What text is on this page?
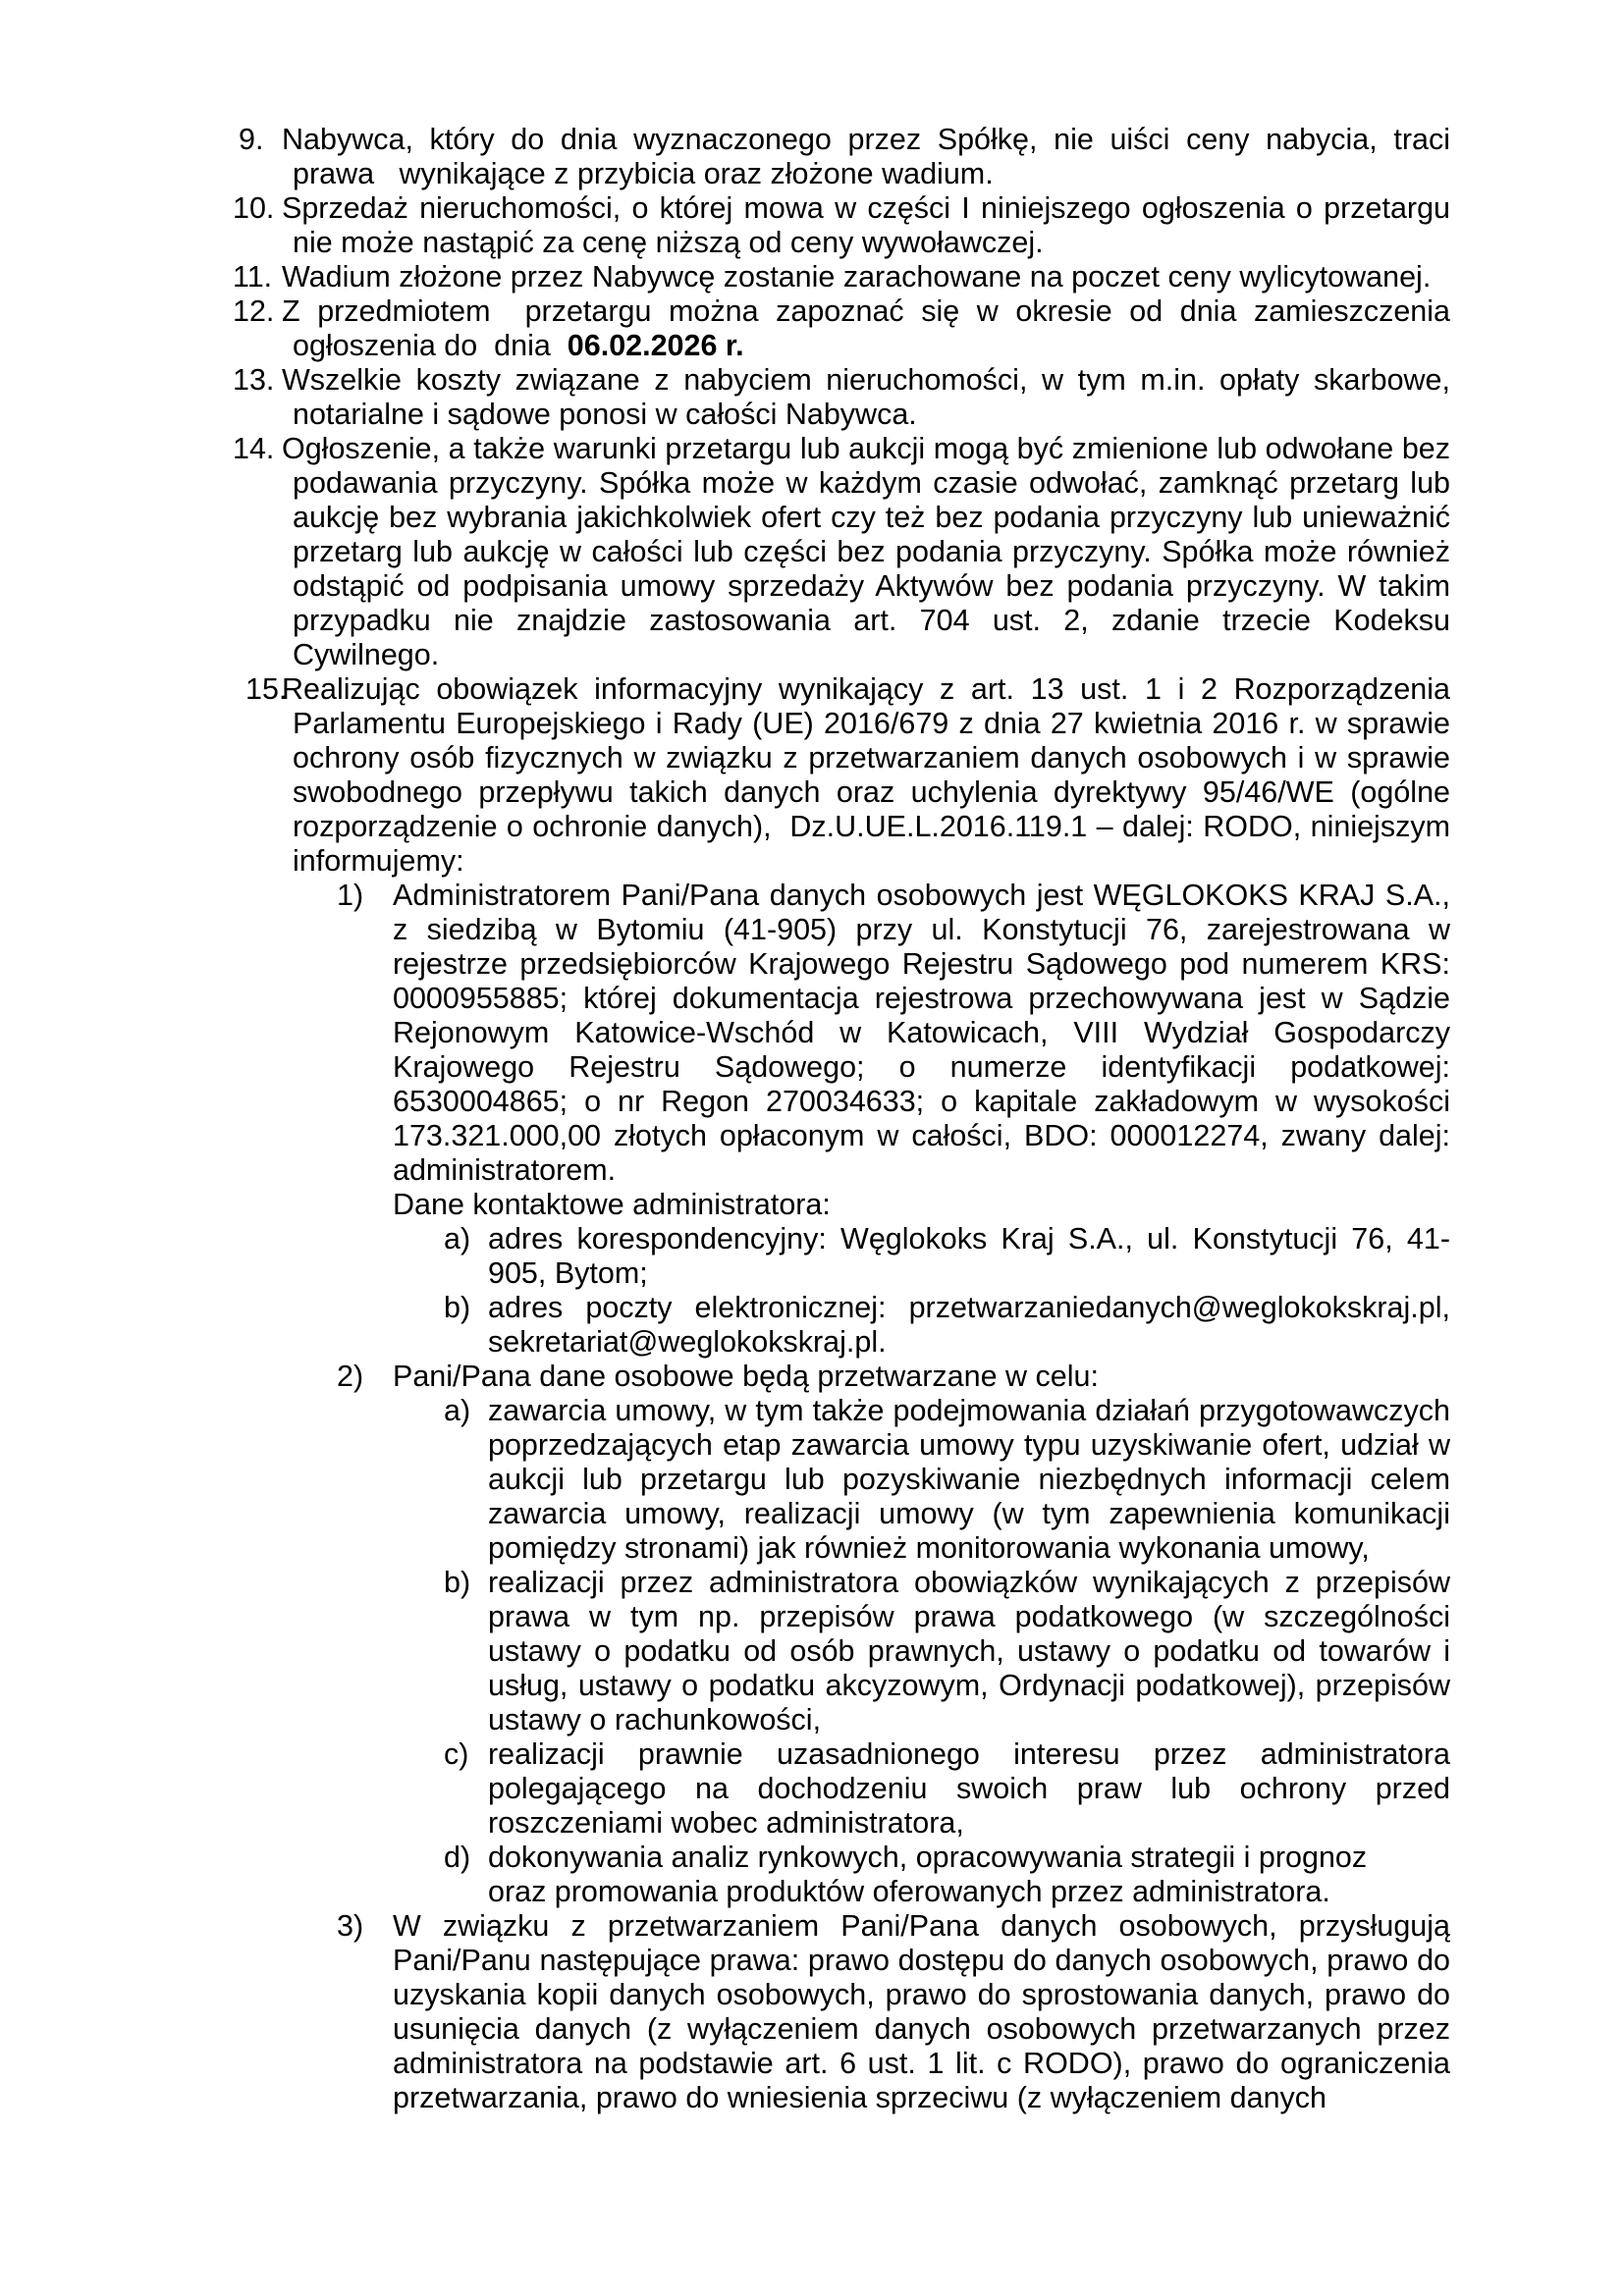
9. Nabywca, który do dnia wyznaczonego przez Spółkę, nie uiści ceny nabycia, traci prawa   wynikające z przybicia oraz złożone wadium.
10. Sprzedaż nieruchomości, o której mowa w części I niniejszego ogłoszenia o przetargu nie może nastąpić za cenę niższą od ceny wywoławczej.
11. Wadium złożone przez Nabywcę zostanie zarachowane na poczet ceny wylicytowanej.
12. Z przedmiotem  przetargu można zapoznać się w okresie od dnia zamieszczenia ogłoszenia do  dnia  06.02.2026 r.
13. Wszelkie koszty związane z nabyciem nieruchomości, w tym m.in. opłaty skarbowe, notarialne i sądowe ponosi w całości Nabywca.
14. Ogłoszenie, a także warunki przetargu lub aukcji mogą być zmienione lub odwołane bez podawania przyczyny. Spółka może w każdym czasie odwołać, zamknąć przetarg lub aukcję bez wybrania jakichkolwiek ofert czy też bez podania przyczyny lub unieważnić przetarg lub aukcję w całości lub części bez podania przyczyny. Spółka może również odstąpić od podpisania umowy sprzedaży Aktywów bez podania przyczyny. W takim przypadku nie znajdzie zastosowania art. 704 ust. 2, zdanie trzecie Kodeksu Cywilnego.
15.
Realizując obowiązek informacyjny wynikający z art. 13 ust. 1 i 2 Rozporządzenia Parlamentu Europejskiego i Rady (UE) 2016/679 z dnia 27 kwietnia 2016 r. w sprawie ochrony osób fizycznych w związku z przetwarzaniem danych osobowych i w sprawie swobodnego przepływu takich danych oraz uchylenia dyrektywy 95/46/WE (ogólne rozporządzenie o ochronie danych),  Dz.U.UE.L.2016.119.1 – dalej: RODO, niniejszym informujemy:
1) Administratorem Pani/Pana danych osobowych jest WĘGLOKOKS KRAJ S.A., z siedzibą w Bytomiu (41-905) przy ul. Konstytucji 76, zarejestrowana w rejestrze przedsiębiorców Krajowego Rejestru Sądowego pod numerem KRS: 0000955885; której dokumentacja rejestrowa przechowywana jest w Sądzie Rejonowym Katowice-Wschód w Katowicach, VIII Wydział Gospodarczy Krajowego Rejestru Sądowego; o numerze identyfikacji podatkowej: 6530004865; o nr Regon 270034633; o kapitale zakładowym w wysokości 173.321.000,00 złotych opłaconym w całości, BDO: 000012274, zwany dalej: administratorem.
Dane kontaktowe administratora:
a) adres korespondencyjny: Węglokoks Kraj S.A., ul. Konstytucji 76, 41-905, Bytom;
b) adres poczty elektronicznej: przetwarzaniedanych@weglokokskraj.pl, sekretariat@weglokokskraj.pl.
2) Pani/Pana dane osobowe będą przetwarzane w celu:
a) zawarcia umowy, w tym także podejmowania działań przygotowawczych poprzedzających etap zawarcia umowy typu uzyskiwanie ofert, udział w aukcji lub przetargu lub pozyskiwanie niezbędnych informacji celem zawarcia umowy, realizacji umowy (w tym zapewnienia komunikacji pomiędzy stronami) jak również monitorowania wykonania umowy,
b) realizacji przez administratora obowiązków wynikających z przepisów prawa w tym np. przepisów prawa podatkowego (w szczególności ustawy o podatku od osób prawnych, ustawy o podatku od towarów i usług, ustawy o podatku akcyzowym, Ordynacji podatkowej), przepisów ustawy o rachunkowości,
c) realizacji prawnie uzasadnionego interesu przez administratora polegającego na dochodzeniu swoich praw lub ochrony przed roszczeniami wobec administratora,
d) dokonywania analiz rynkowych, opracowywania strategii i prognoz
oraz promowania produktów oferowanych przez administratora.
3) W związku z przetwarzaniem Pani/Pana danych osobowych, przysługują Pani/Panu następujące prawa: prawo dostępu do danych osobowych, prawo do uzyskania kopii danych osobowych, prawo do sprostowania danych, prawo do usunięcia danych (z wyłączeniem danych osobowych przetwarzanych przez administratora na podstawie art. 6 ust. 1 lit. c RODO), prawo do ograniczenia przetwarzania, prawo do wniesienia sprzeciwu (z wyłączeniem danych
